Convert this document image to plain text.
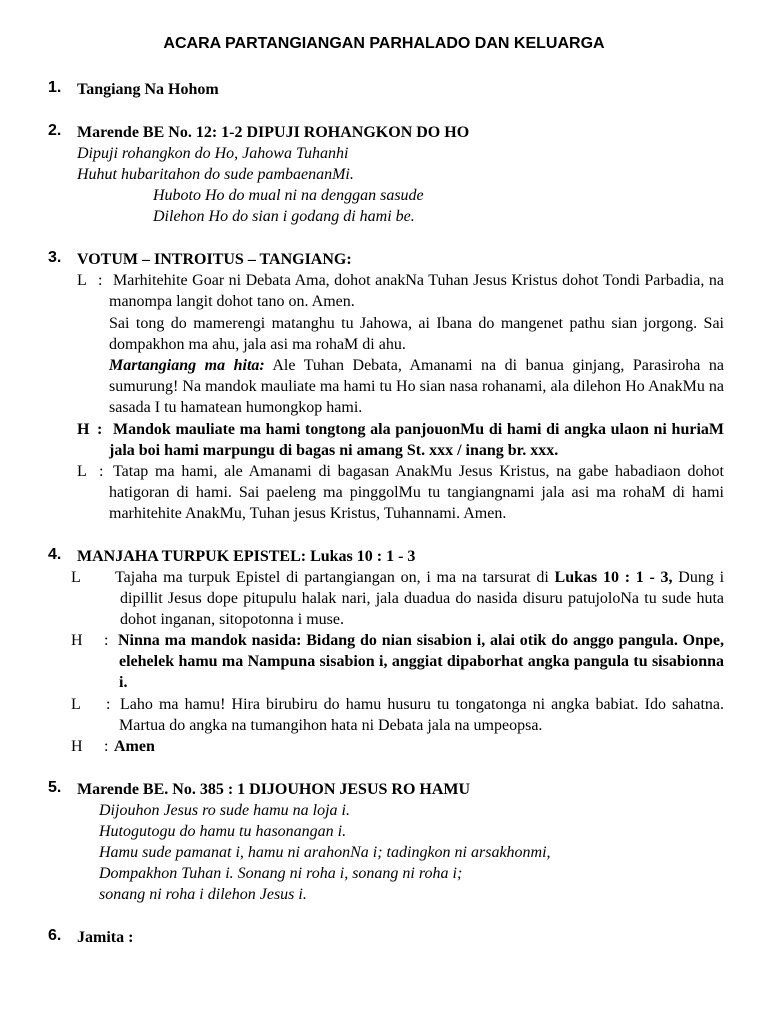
ACARA PARTANGIANGAN PARHALADO DAN KELUARGA
1. Tangiang Na Hohom
2. Marende BE No. 12: 1-2 DIPUJI ROHANGKON DO HO
Dipuji rohangkon do Ho, Jahowa Tuhanhi
Huhut hubaritahon do sude pambaenanMi.
Huboto Ho do mual ni na denggan sasude
Dilehon Ho do sian i godang di hami be.
3. VOTUM – INTROITUS – TANGIANG:
L : Marhitehite Goar ni Debata Ama, dohot anakNa Tuhan Jesus Kristus dohot Tondi Parbadia, na manompa langit dohot tano on. Amen.
Sai tong do mamerengi matanghu tu Jahowa, ai Ibana do mangenet pathu sian jorgong. Sai dompakhon ma ahu, jala asi ma rohaM di ahu.
Martangiang ma hita: Ale Tuhan Debata, Amanami na di banua ginjang, Parasiroha na sumurung! Na mandok mauliate ma hami tu Ho sian nasa rohanami, ala dilehon Ho AnakMu na sasada I tu hamatean humongkop hami.
H : Mandok mauliate ma hami tongtong ala panjouonMu di hami di angka ulaon ni huriaM jala boi hami marpungu di bagas ni amang St. xxx / inang br. xxx.
L : Tatap ma hami, ale Amanami di bagasan AnakMu Jesus Kristus, na gabe habadiaon dohot hatigoran di hami. Sai paeleng ma pinggolMu tu tangiangnami jala asi ma rohaM di hami marhitehite AnakMu, Tuhan jesus Kristus, Tuhannami. Amen.
4. MANJAHA TURPUK EPISTEL: Lukas 10 : 1 - 3
L Tajaha ma turpuk Epistel di partangiangan on, i ma na tarsurat di Lukas 10 : 1 - 3, Dung i dipillit Jesus dope pitupulu halak nari, jala duadua do nasida disuru patujoloNa tu sude huta dohot inganan, sitopotonna i muse.
H : Ninna ma mandok nasida: Bidang do nian sisabion i, alai otik do anggo pangula. Onpe, elehelek hamu ma Nampuna sisabion i, anggiat dipaborhat angka pangula tu sisabionna i.
L : Laho ma hamu! Hira birubiru do hamu husuru tu tongatonga ni angka babiat. Ido sahatna. Martua do angka na tumangihon hata ni Debata jala na umpeopsa.
H : Amen
5. Marende BE. No. 385 : 1 DIJOUHON JESUS RO HAMU
Dijouhon Jesus ro sude hamu na loja i.
Hutogutogu do hamu tu hasonangan i.
Hamu sude pamanat i, hamu ni arahonNa i; tadingkon ni arsakhonmi,
Dompakhon Tuhan i. Sonang ni roha i, sonang ni roha i;
sonang ni roha i dilehon Jesus i.
6. Jamita :
